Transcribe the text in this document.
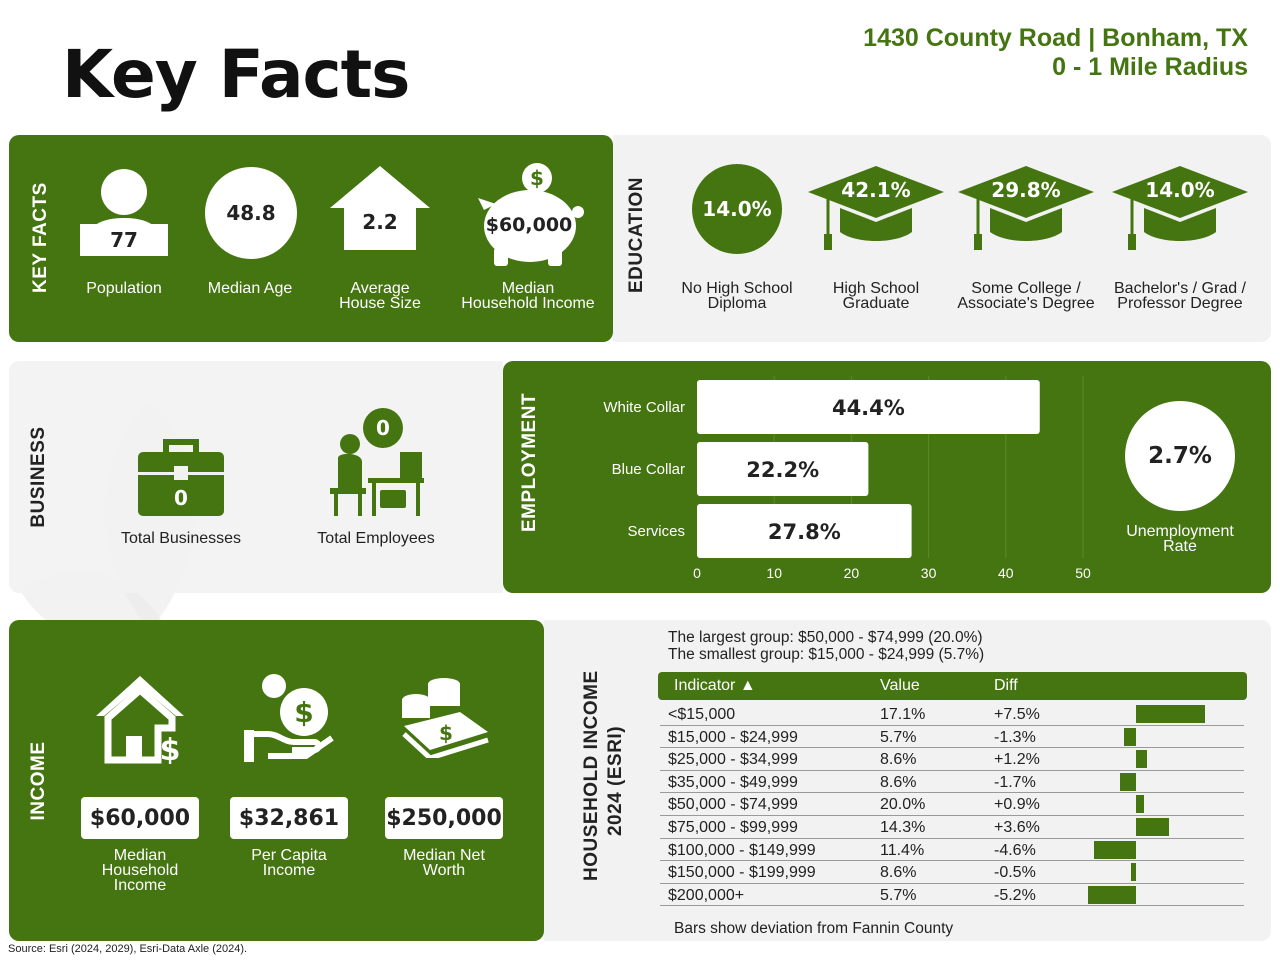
Key Facts	1430 County Road | Bonham, TX
0 - 1 Mile Radius
KEY FACTS	77
Population
48.8
Median Age
2.2
Average
House Size
$
$60,000
Median
Household Income
EDUCATION	14.0%
42.1%	29.8%	14.0%
No High School
Diploma
High School
Graduate
Some College /
Associate's Degree
Bachelor's / Grad /
Professor Degree
BUSINESS	0
Total Businesses
0
Total Employees
EMPLOYMENT	White Collar	44.4%
Blue Collar	22.2%
Services	27.8%
0	10	20	30	40	50
2.7%
Unemployment
Rate
INCOME	$
$
$
$60,000	$32,861	$250,000
Median
Household
Income
Per Capita
Income
Median Net
Worth	HOUSEHOLD INCOME 2024 (ESRI)
The largest group: $50,000 - $74,999 (20.0%)
The smallest group: $15,000 - $24,999 (5.7%)
Indicator ▲	Value	Diff
<$15,000	17.1%	+7.5%
$15,000 - $24,999	5.7%	-1.3%
$25,000 - $34,999	8.6%	+1.2%
$35,000 - $49,999	8.6%	-1.7%
$50,000 - $74,999	20.0%	+0.9%
$75,000 - $99,999	14.3%	+3.6%
$100,000 - $149,999	11.4%	-4.6%
$150,000 - $199,999	8.6%	-0.5%
$200,000+	5.7%	-5.2%
Bars show deviation from Fannin County
Source: Esri (2024, 2029), Esri-Data Axle (2024).
